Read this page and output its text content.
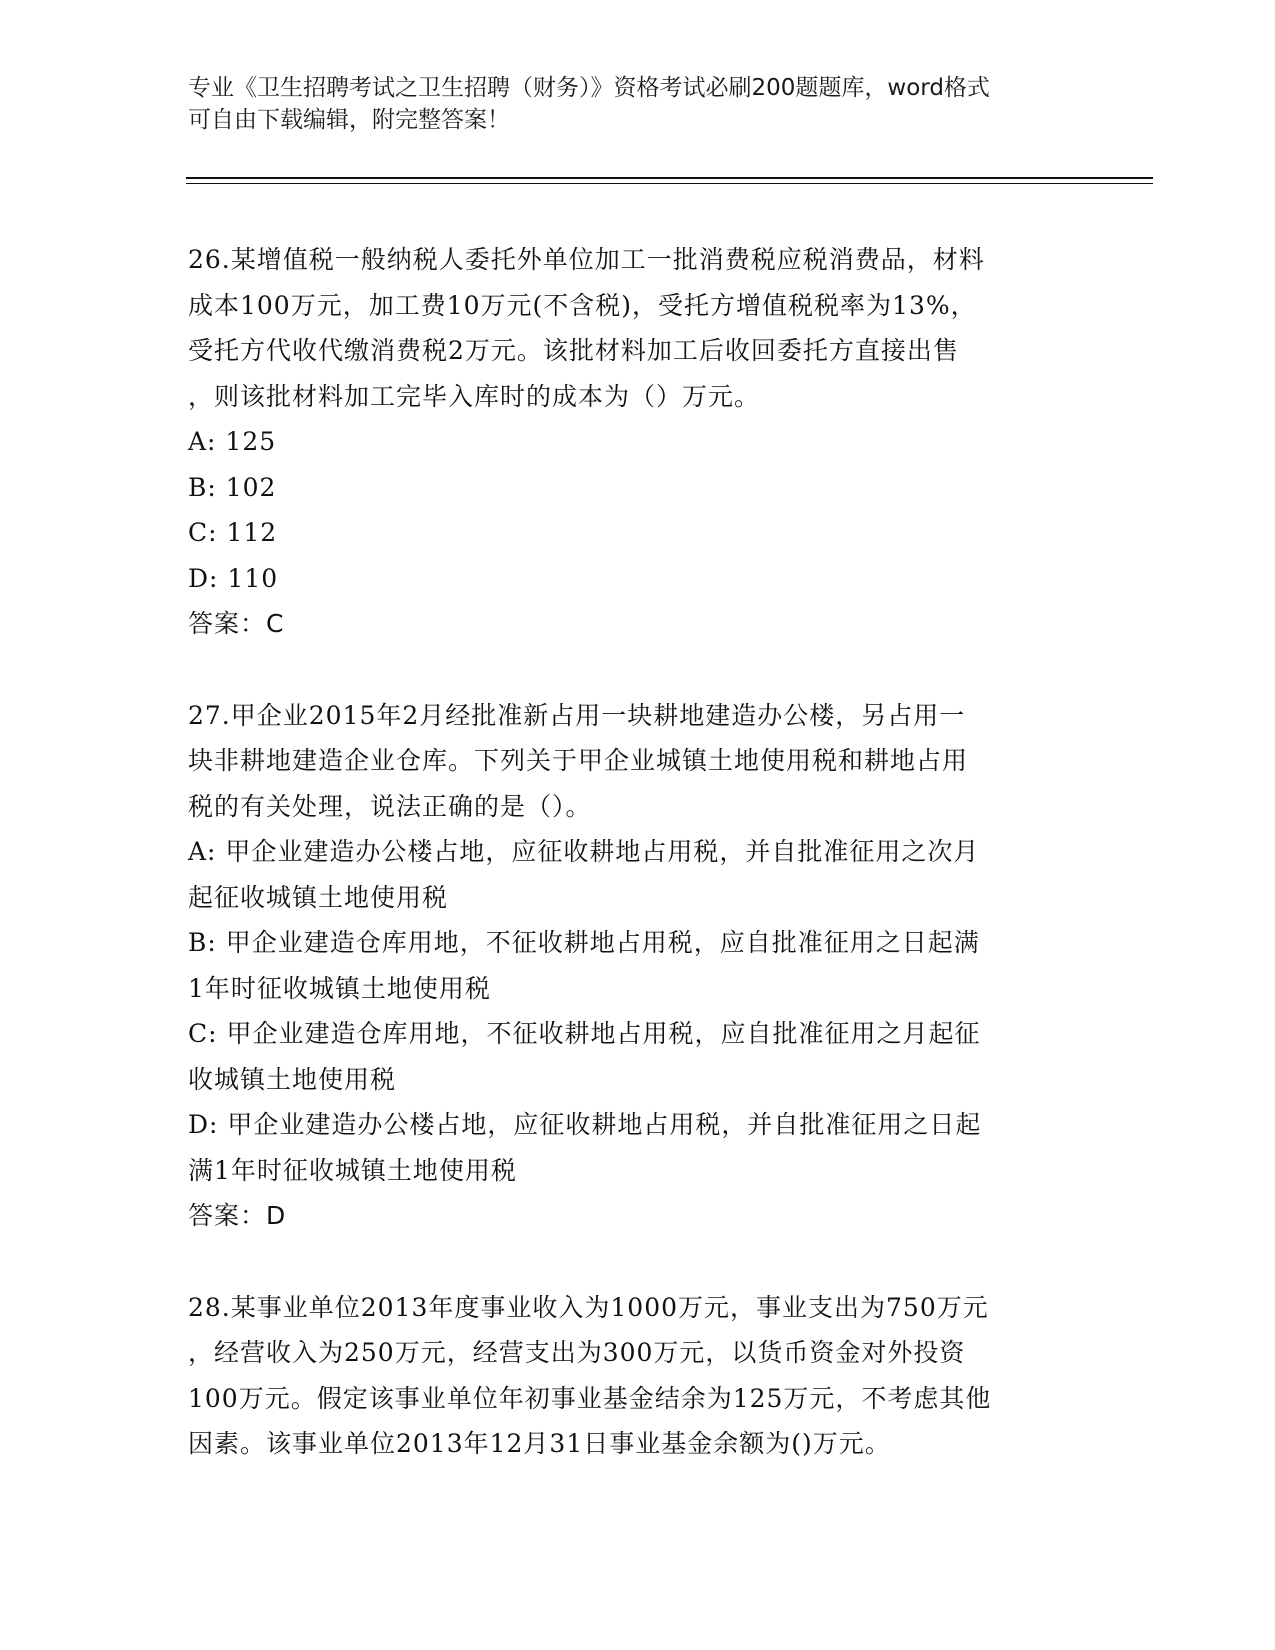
专业《卫生招聘考试之卫生招聘（财务）》资格考试必刷200题题库，word格式
可自由下载编辑，附完整答案！
26.某增值税一般纳税人委托外单位加工一批消费税应税消费品，材料
成本100万元，加工费10万元(不含税)，受托方增值税税率为13%，
受托方代收代缴消费税2万元。该批材料加工后收回委托方直接出售
，则该批材料加工完毕入库时的成本为（）万元。
A: 125
B: 102
C: 112
D: 110
答案：C
27.甲企业2015年2月经批准新占用一块耕地建造办公楼，另占用一
块非耕地建造企业仓库。下列关于甲企业城镇土地使用税和耕地占用
税的有关处理，说法正确的是（）。
A: 甲企业建造办公楼占地，应征收耕地占用税，并自批准征用之次月
起征收城镇土地使用税
B: 甲企业建造仓库用地，不征收耕地占用税，应自批准征用之日起满
1年时征收城镇土地使用税
C: 甲企业建造仓库用地，不征收耕地占用税，应自批准征用之月起征
收城镇土地使用税
D: 甲企业建造办公楼占地，应征收耕地占用税，并自批准征用之日起
满1年时征收城镇土地使用税
答案：D
28.某事业单位2013年度事业收入为1000万元，事业支出为750万元
，经营收入为250万元，经营支出为300万元，以货币资金对外投资
100万元。假定该事业单位年初事业基金结余为125万元，不考虑其他
因素。该事业单位2013年12月31日事业基金余额为()万元。
